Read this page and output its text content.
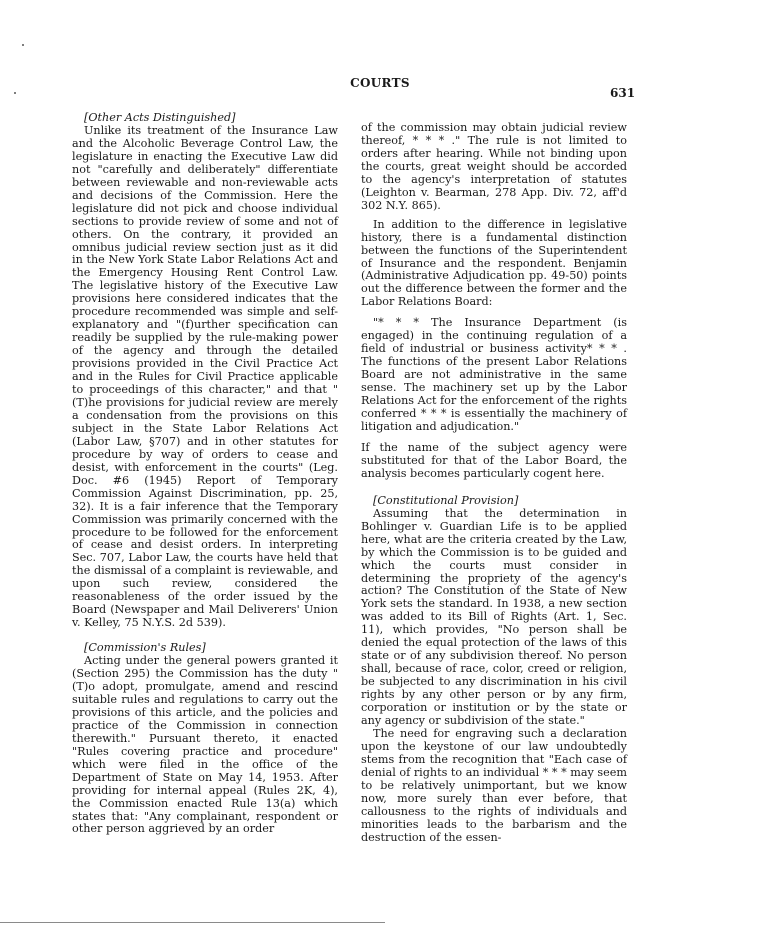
COURTS
631

[Other Acts Distinguished]

Unlike its treatment of the Insurance Law and the Alcoholic Beverage Control Law, the legislature in enacting the Executive Law did not "carefully and deliberately" differentiate between reviewable and non-reviewable acts and decisions of the Commission. Here the legislature did not pick and choose individual sections to provide review of some and not of others. On the contrary, it provided an omnibus judicial review section just as it did in the New York State Labor Relations Act and the Emergency Housing Rent Control Law. The legislative history of the Executive Law provisions here considered indicates that the procedure recommended was simple and self-explanatory and "(f)urther specification can readily be supplied by the rule-making power of the agency and through the detailed provisions provided in the Civil Practice Act and in the Rules for Civil Practice applicable to proceedings of this character," and that "(T)he provisions for judicial review are merely a condensation from the provisions on this subject in the State Labor Relations Act (Labor Law, §707) and in other statutes for procedure by way of orders to cease and desist, with enforcement in the courts" (Leg. Doc. #6 (1945) Report of Temporary Commission Against Discrimination, pp. 25, 32). It is a fair inference that the Temporary Commission was primarily concerned with the procedure to be followed for the enforcement of cease and desist orders. In interpreting Sec. 707, Labor Law, the courts have held that the dismissal of a complaint is reviewable, and upon such review, considered the reasonableness of the order issued by the Board (Newspaper and Mail Deliverers' Union v. Kelley, 75 N.Y.S. 2d 539).

[Commission's Rules]

Acting under the general powers granted it (Section 295) the Commission has the duty "(T)o adopt, promulgate, amend and rescind suitable rules and regulations to carry out the provisions of this article, and the policies and practice of the Commission in connection therewith." Pursuant thereto, it enacted "Rules covering practice and procedure" which were filed in the office of the Department of State on May 14, 1953. After providing for internal appeal (Rules 2K, 4), the Commission enacted Rule 13(a) which states that: "Any complainant, respondent or other person aggrieved by an order

of the commission may obtain judicial review thereof, * * * ." The rule is not limited to orders after hearing. While not binding upon the courts, great weight should be accorded to the agency's interpretation of statutes (Leighton v. Bearman, 278 App. Div. 72, aff'd 302 N.Y. 865).

In addition to the difference in legislative history, there is a fundamental distinction between the functions of the Superintendent of Insurance and the respondent. Benjamin (Administrative Adjudication pp. 49-50) points out the difference between the former and the Labor Relations Board:

"* * * The Insurance Department (is engaged) in the continuing regulation of a field of industrial or business activity* * * . The functions of the present Labor Relations Board are not administrative in the same sense. The machinery set up by the Labor Relations Act for the enforcement of the rights conferred * * * is essentially the machinery of litigation and adjudication."

If the name of the subject agency were substituted for that of the Labor Board, the analysis becomes particularly cogent here.

[Constitutional Provision]

Assuming that the determination in Bohlinger v. Guardian Life is to be applied here, what are the criteria created by the Law, by which the Commission is to be guided and which the courts must consider in determining the propriety of the agency's action? The Constitution of the State of New York sets the standard. In 1938, a new section was added to its Bill of Rights (Art. 1, Sec. 11), which provides, "No person shall be denied the equal protection of the laws of this state or of any subdivision thereof. No person shall, because of race, color, creed or religion, be subjected to any discrimination in his civil rights by any other person or by any firm, corporation or institution or by the state or any agency or subdivision of the state."

The need for engraving such a declaration upon the keystone of our law undoubtedly stems from the recognition that "Each case of denial of rights to an individual * * * may seem to be relatively unimportant, but we know now, more surely than ever before, that callousness to the rights of individuals and minorities leads to the barbarism and the destruction of the essen-
